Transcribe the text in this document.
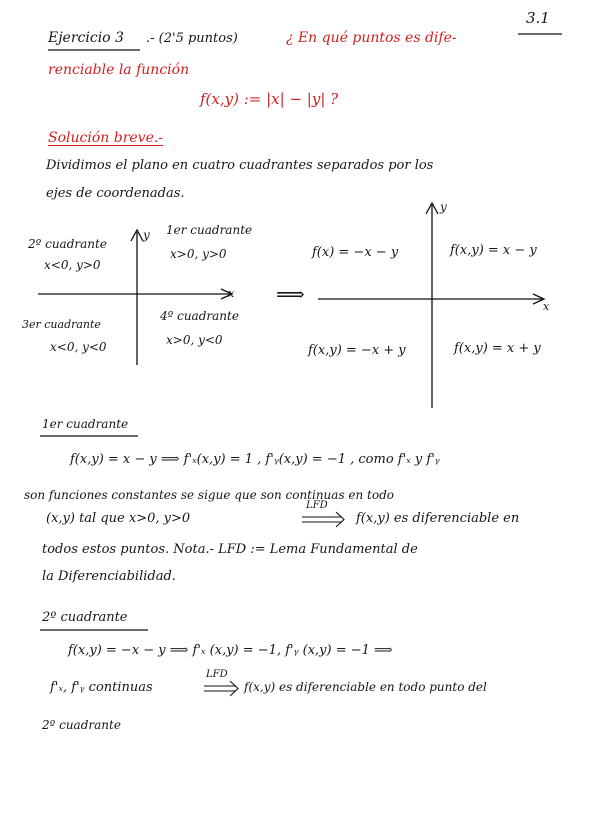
3.1
Ejercicio 3 .- (2'5 puntos)	¿ En qué puntos es dife-
renciable la función
f(x,y) := |x| − |y| ?
Solución breve.-
Dividimos el plano en cuatro cuadrantes separados por los
ejes de coordenadas.
y
x
1er cuadrante
x>0, y>0
2º cuadrante
x<0, y>0
3er cuadrante
x<0, y<0
4º cuadrante
x>0, y<0
⟹
y
x
f(x,y) = x − y
f(x) = −x − y
f(x,y) = −x + y	f(x,y) = x + y
1er cuadrante
f(x,y) = x − y ⟹ f'ₓ(x,y) = 1 , f'ᵧ(x,y) = −1 , como f'ₓ y f'ᵧ
son funciones constantes se sigue que son continuas en todo
(x,y) tal que x>0, y>0
LFD
f(x,y) es diferenciable en
todos estos puntos. Nota.- LFD := Lema Fundamental de
la Diferenciabilidad.
2º cuadrante
f(x,y) = −x − y ⟹ f'ₓ (x,y) = −1, f'ᵧ (x,y) = −1 ⟹
f'ₓ, f'ᵧ continuas
LFD
f(x,y) es diferenciable en todo punto del
2º cuadrante
